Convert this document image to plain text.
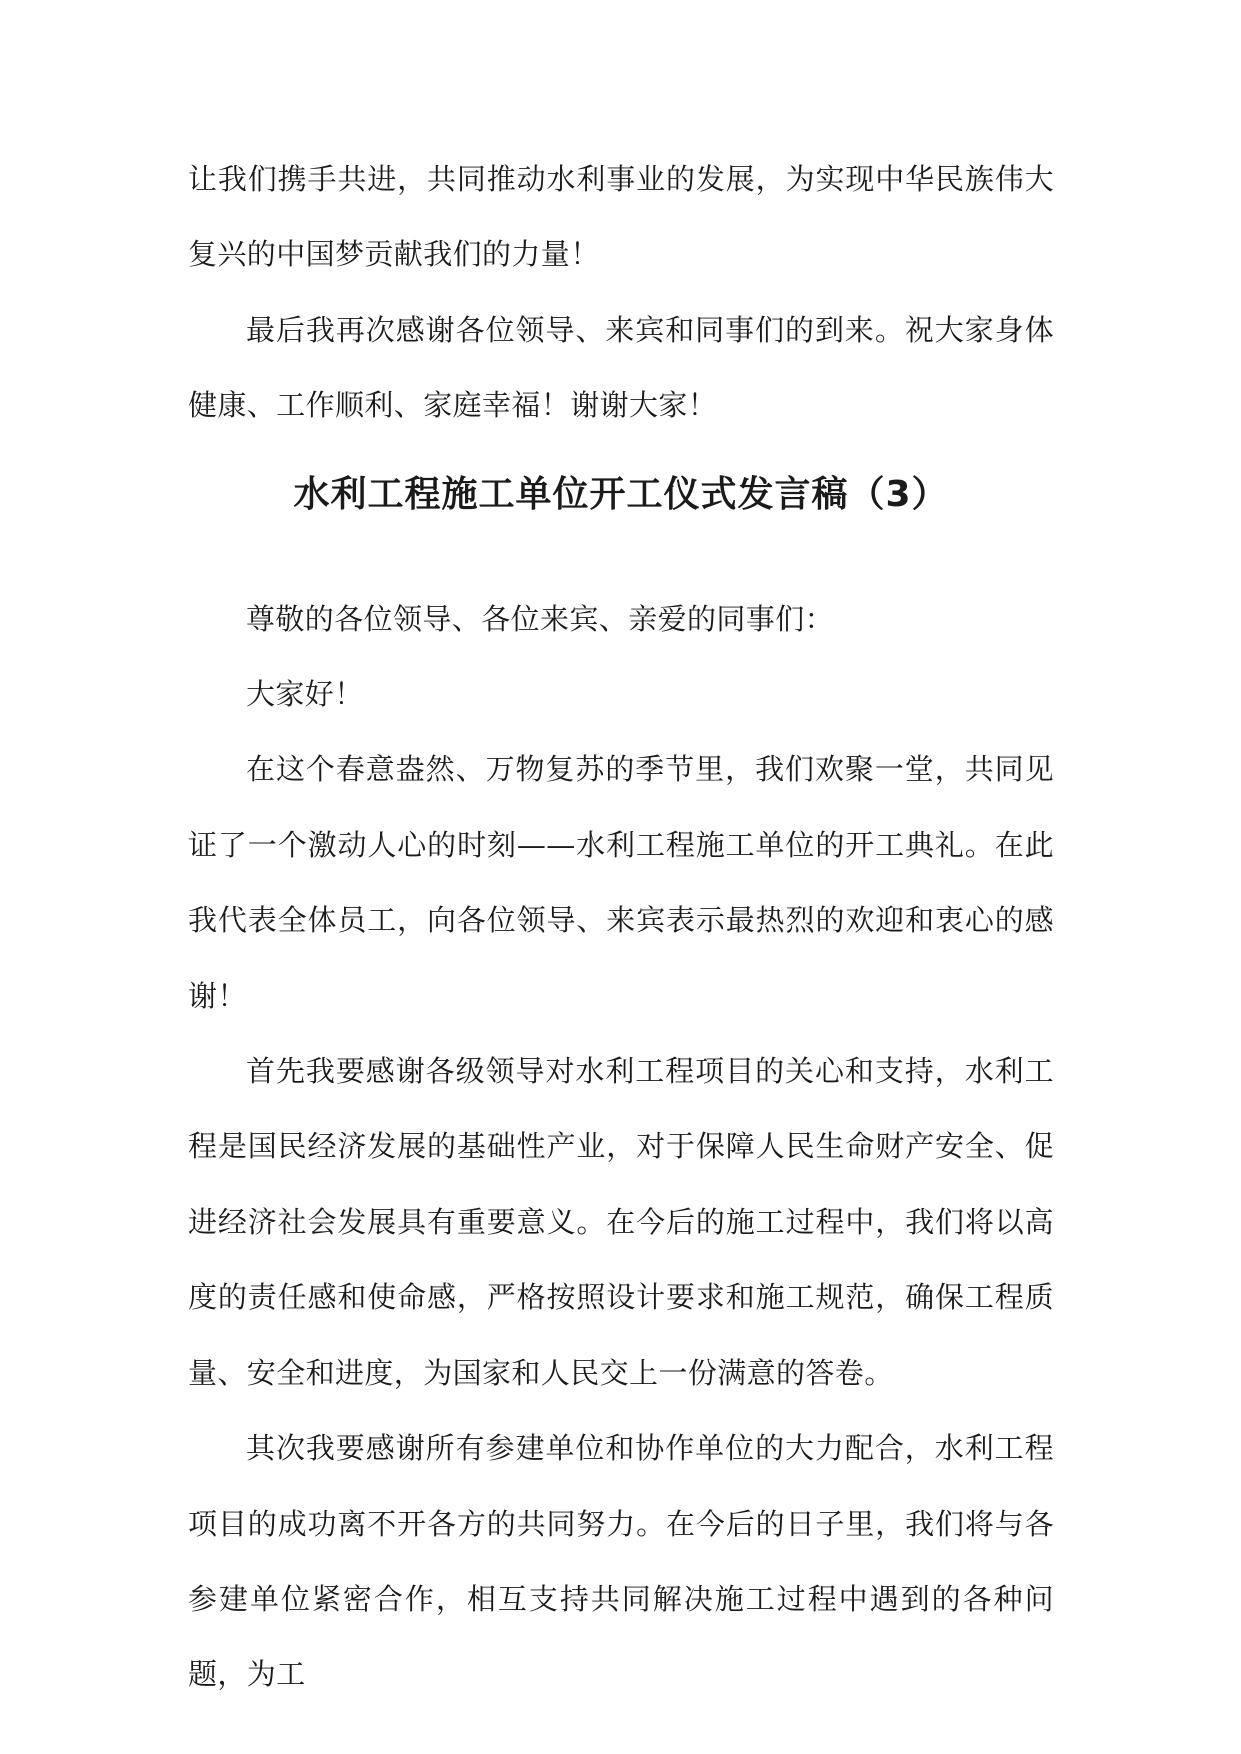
让我们携手共进，共同推动水利事业的发展，为实现中华民族伟大复兴的中国梦贡献我们的力量！

最后我再次感谢各位领导、来宾和同事们的到来。祝大家身体健康、工作顺利、家庭幸福！谢谢大家！

水利工程施工单位开工仪式发言稿（3）

尊敬的各位领导、各位来宾、亲爱的同事们：

大家好！

在这个春意盎然、万物复苏的季节里，我们欢聚一堂，共同见证了一个激动人心的时刻——水利工程施工单位的开工典礼。在此我代表全体员工，向各位领导、来宾表示最热烈的欢迎和衷心的感谢！

首先我要感谢各级领导对水利工程项目的关心和支持，水利工程是国民经济发展的基础性产业，对于保障人民生命财产安全、促进经济社会发展具有重要意义。在今后的施工过程中，我们将以高度的责任感和使命感，严格按照设计要求和施工规范，确保工程质量、安全和进度，为国家和人民交上一份满意的答卷。

其次我要感谢所有参建单位和协作单位的大力配合，水利工程项目的成功离不开各方的共同努力。在今后的日子里，我们将与各参建单位紧密合作，相互支持共同解决施工过程中遇到的各种问题，为工
